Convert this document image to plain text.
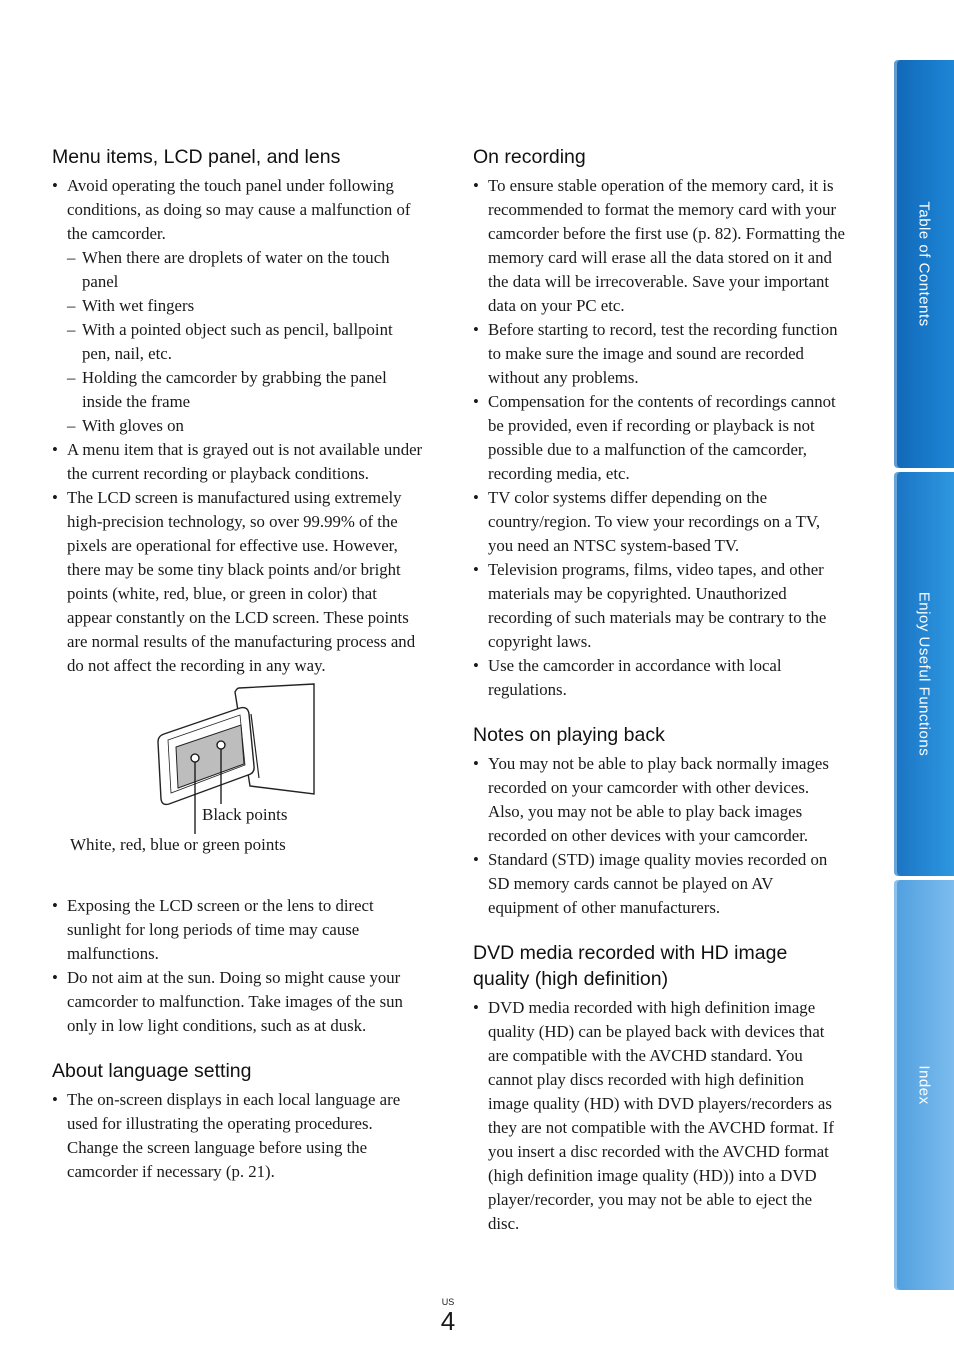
Menu items, LCD panel, and lens
• Avoid operating the touch panel under following conditions, as doing so may cause a malfunction of the camcorder.
– When there are droplets of water on the touch panel
– With wet fingers
– With a pointed object such as pencil, ballpoint pen, nail, etc.
– Holding the camcorder by grabbing the panel inside the frame
– With gloves on
• A menu item that is grayed out is not available under the current recording or playback conditions.
• The LCD screen is manufactured using extremely high-precision technology, so over 99.99% of the pixels are operational for effective use. However, there may be some tiny black points and/or bright points (white, red, blue, or green in color) that appear constantly on the LCD screen. These points are normal results of the manufacturing process and do not affect the recording in any way.
Black points
White, red, blue or green points
• Exposing the LCD screen or the lens to direct sunlight for long periods of time may cause malfunctions.
• Do not aim at the sun. Doing so might cause your camcorder to malfunction. Take images of the sun only in low light conditions, such as at dusk.
About language setting
• The on-screen displays in each local language are used for illustrating the operating procedures. Change the screen language before using the camcorder if necessary (p. 21).
On recording
• To ensure stable operation of the memory card, it is recommended to format the memory card with your camcorder before the first use (p. 82). Formatting the memory card will erase all the data stored on it and the data will be irrecoverable. Save your important data on your PC etc.
• Before starting to record, test the recording function to make sure the image and sound are recorded without any problems.
• Compensation for the contents of recordings cannot be provided, even if recording or playback is not possible due to a malfunction of the camcorder, recording media, etc.
• TV color systems differ depending on the country/region. To view your recordings on a TV, you need an NTSC system-based TV.
• Television programs, films, video tapes, and other materials may be copyrighted. Unauthorized recording of such materials may be contrary to the copyright laws.
• Use the camcorder in accordance with local regulations.
Notes on playing back
• You may not be able to play back normally images recorded on your camcorder with other devices. Also, you may not be able to play back images recorded on other devices with your camcorder.
• Standard (STD) image quality movies recorded on SD memory cards cannot be played on AV equipment of other manufacturers.
DVD media recorded with HD image quality (high definition)
• DVD media recorded with high definition image quality (HD) can be played back with devices that are compatible with the AVCHD standard. You cannot play discs recorded with high definition image quality (HD) with DVD players/recorders as they are not compatible with the AVCHD format. If you insert a disc recorded with the AVCHD format (high definition image quality (HD)) into a DVD player/recorder, you may not be able to eject the disc.
Table of Contents
Enjoy Useful Functions
Index
US
4
